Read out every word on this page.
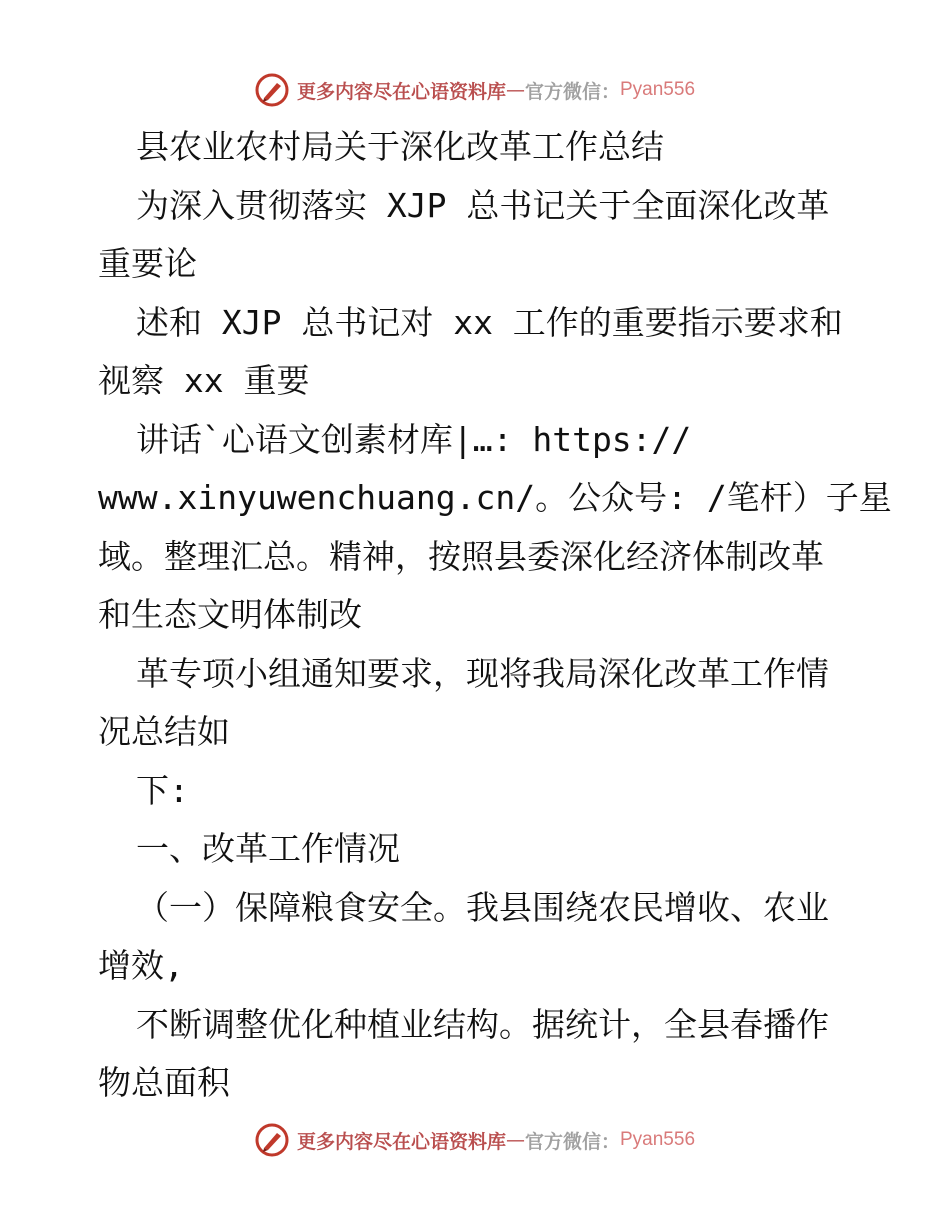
更多内容尽在心语资料库 — 官方微信： Pyan556
县农业农村局关于深化改革工作总结
为深入贯彻落实 XJP 总书记关于全面深化改革
重要论
述和 XJP 总书记对 xx 工作的重要指示要求和
视察 xx 重要
讲话`心语文创素材库|…: https://
www.xinyuwenchuang.cn/。公众号: /笔杆）子星
域。整理汇总。精神，按照县委深化经济体制改革
和生态文明体制改
革专项小组通知要求，现将我局深化改革工作情
况总结如
下:
一、改革工作情况
（一）保障粮食安全。我县围绕农民增收、农业
增效,
不断调整优化种植业结构。据统计，全县春播作
物总面积
更多内容尽在心语资料库 — 官方微信： Pyan556
